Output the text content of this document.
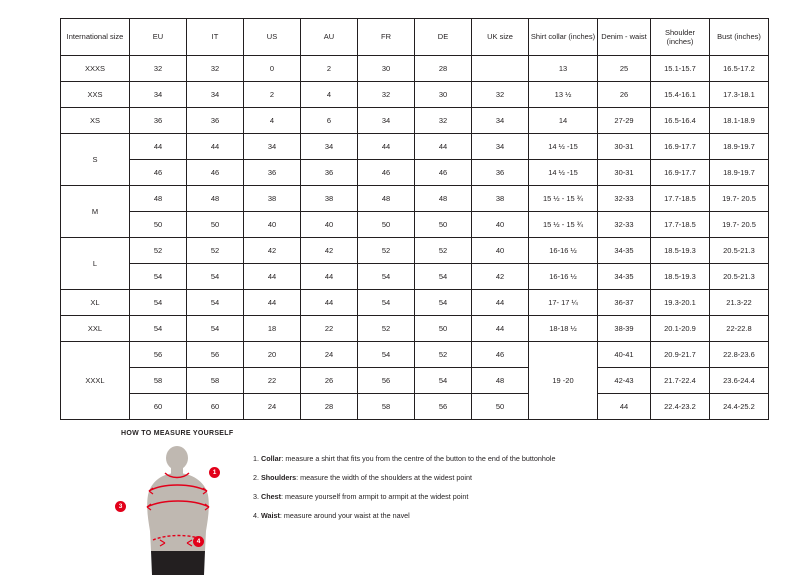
International size	EU	IT	US	AU	FR	DE	UK size	Shirt collar (inches)	Denim - waist	Shoulder (inches)	Bust (inches)
XXXS	32	32	0	2	30	28		13	25	15.1-15.7	16.5-17.2
XXS	34	34	2	4	32	30	32	13 ½	26	15.4-16.1	17.3-18.1
XS	36	36	4	6	34	32	34	14	27-29	16.5-16.4	18.1-18.9
S	44	44	34	34	44	44	34	14 ½ -15	30-31	16.9-17.7	18.9-19.7
	46	46	36	36	46	46	36	14 ½ -15	30-31	16.9-17.7	18.9-19.7
M	48	48	38	38	48	48	38	15 ½ - 15 ¾	32-33	17.7-18.5	19.7- 20.5
	50	50	40	40	50	50	40	15 ½ - 15 ¾	32-33	17.7-18.5	19.7- 20.5
L	52	52	42	42	52	52	40	16-16 ½	34-35	18.5-19.3	20.5-21.3
	54	54	44	44	54	54	42	16-16 ½	34-35	18.5-19.3	20.5-21.3
XL	54	54	44	44	54	54	44	17- 17 ¼	36-37	19.3-20.1	21.3-22
XXL	54	54	18	22	52	50	44	18-18 ½	38-39	20.1-20.9	22-22.8
XXXL	56	56	20	24	54	52	46	19 -20	40-41	20.9-21.7	22.8-23.6
	58	58	22	26	56	54	48		42-43	21.7-22.4	23.6-24.4
	60	60	24	28	58	56	50		44	22.4-23.2	24.4-25.2
HOW TO MEASURE YOURSELF
1
3
4
1. Collar: measure a shirt that fits you from the centre of the button to the end of the buttonhole
2. Shoulders: measure the width of the shoulders at the widest point
3. Chest: measure yourself from armpit to armpit at the widest point
4. Waist: measure around your waist at the navel
